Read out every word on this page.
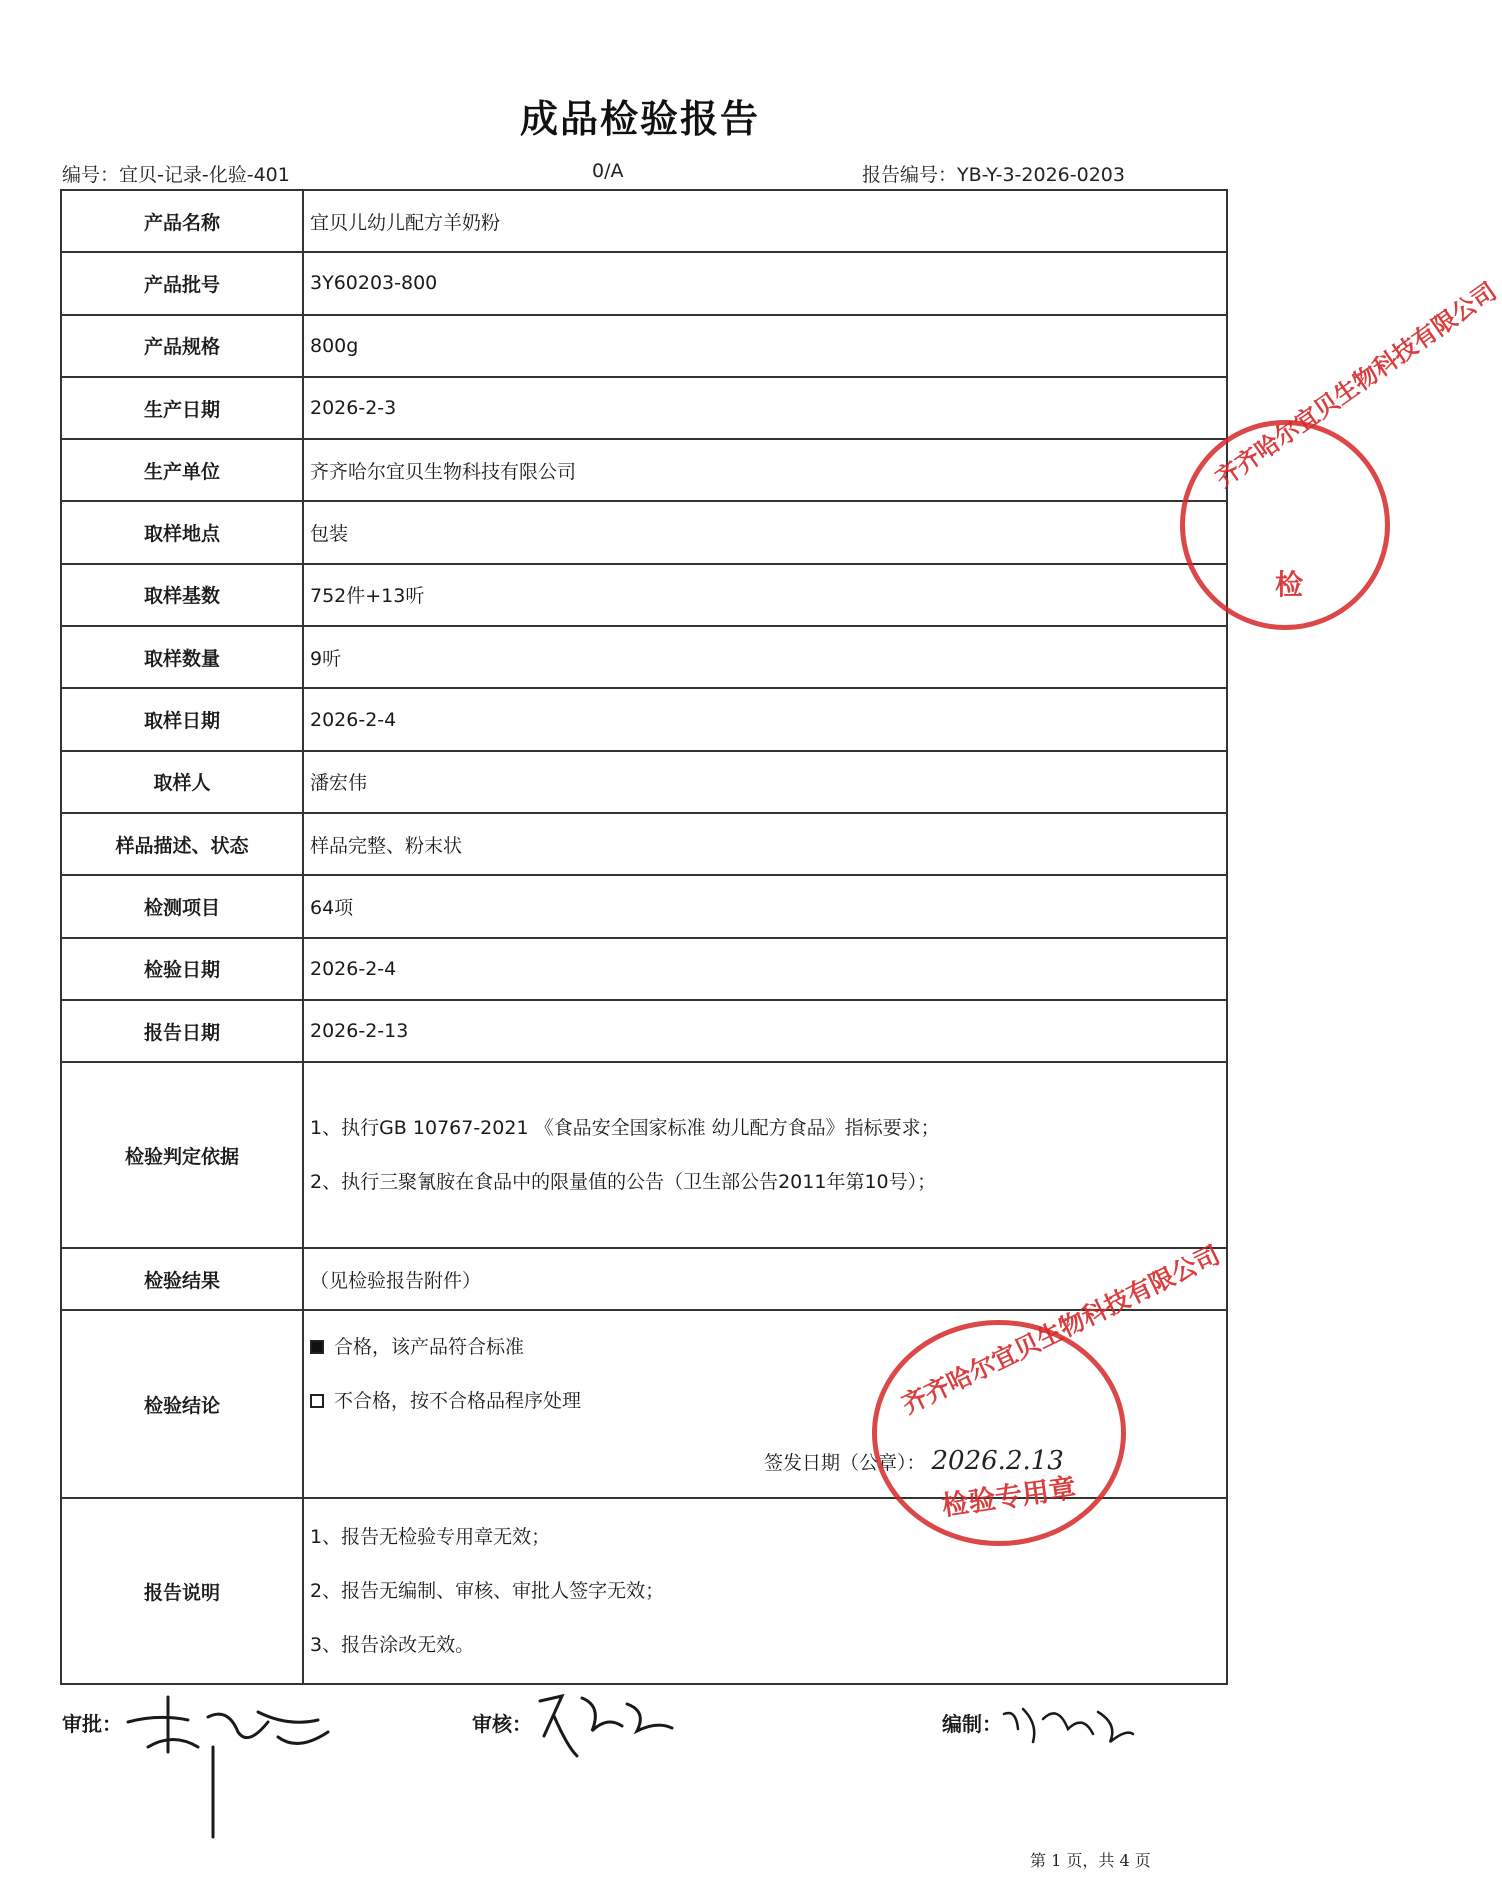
成品检验报告
编号：宜贝-记录-化验-401	0/A	报告编号：YB-Y-3-2026-0203
产品名称	宜贝儿幼儿配方羊奶粉
产品批号	3Y60203-800
产品规格	800g
生产日期	2026-2-3
生产单位	齐齐哈尔宜贝生物科技有限公司
取样地点	包装
取样基数	752件+13听
取样数量	9听
取样日期	2026-2-4
取样人	潘宏伟
样品描述、状态	样品完整、粉末状
检测项目	64项
检验日期	2026-2-4
报告日期	2026-2-13
检验判定依据	1、执行GB 10767-2021 《食品安全国家标准 幼儿配方食品》指标要求；
2、执行三聚氰胺在食品中的限量值的公告（卫生部公告2011年第10号）；

检验结果	（见检验报告附件）
检验结论	合格，该产品符合标准
不合格，按不合格品程序处理
签发日期（公章）： 2026.2.13

报告说明	1、报告无检验专用章无效；
2、报告无编制、审核、审批人签字无效；
3、报告涂改无效。
齐齐哈尔宜贝生物科技有限公司
检
齐齐哈尔宜贝生物科技有限公司
检验专用章
审批：	审核：	编制：
第 1 页，共 4 页
